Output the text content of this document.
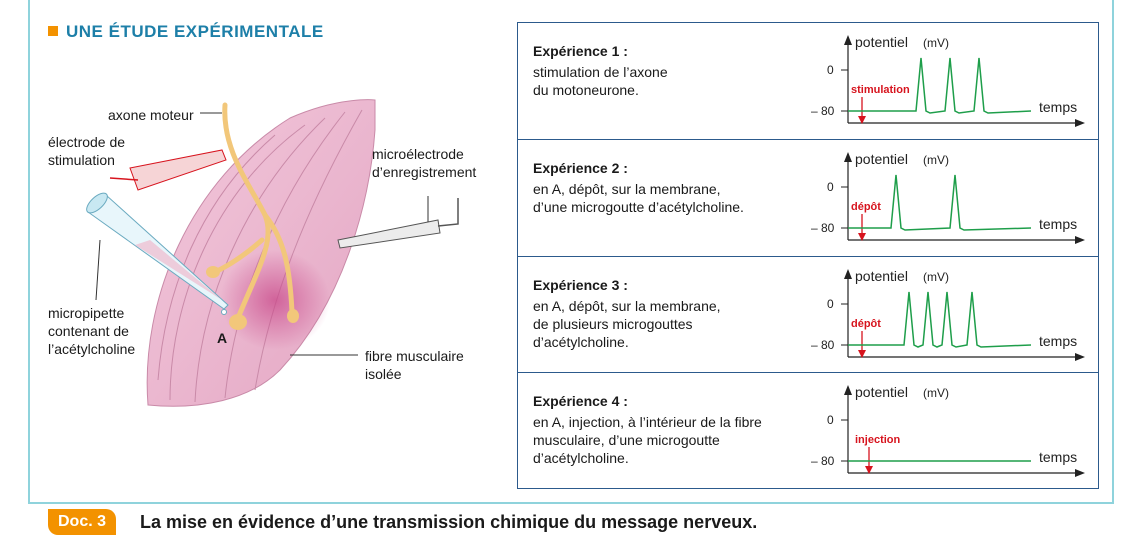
UNE ÉTUDE EXPÉRIMENTALE
axone moteur
électrode de
stimulation	microélectrode
d’enregistrement
micropipette
contenant de
l’acétylcholine
A
fibre musculaire
isolée
Expérience 1 :
stimulation de l’axone
du motoneurone.
potentiel (mV)
0
– 80	temps
stimulation
Expérience 2 :
en A, dépôt, sur la membrane,
d’une microgoutte d’acétylcholine.
potentiel (mV)
0
– 80	temps
dépôt
Expérience 3 :
en A, dépôt, sur la membrane,
de plusieurs microgouttes
d’acétylcholine.
potentiel (mV)
0
– 80	temps
dépôt
Expérience 4 :
en A, injection, à l’intérieur de la fibre
musculaire, d’une microgoutte
d’acétylcholine.
potentiel (mV)
0
– 80	temps
injection
Doc. 3	La mise en évidence d’une transmission chimique du message nerveux.
